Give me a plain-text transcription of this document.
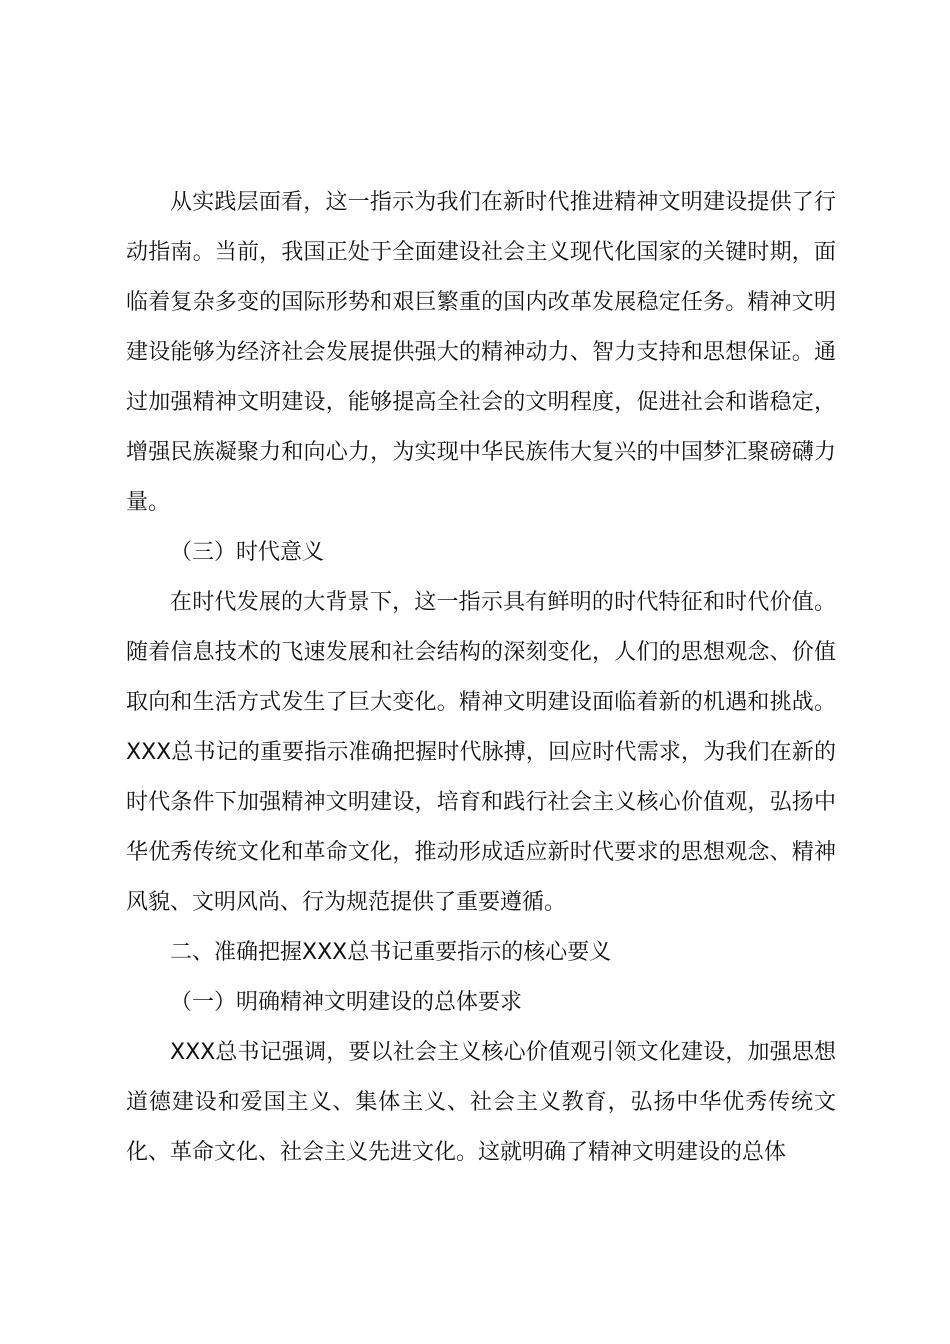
从实践层面看，这一指示为我们在新时代推进精神文明建设提供了行动指南。当前，我国正处于全面建设社会主义现代化国家的关键时期，面临着复杂多变的国际形势和艰巨繁重的国内改革发展稳定任务。精神文明建设能够为经济社会发展提供强大的精神动力、智力支持和思想保证。通过加强精神文明建设，能够提高全社会的文明程度，促进社会和谐稳定，增强民族凝聚力和向心力，为实现中华民族伟大复兴的中国梦汇聚磅礴力量。

（三）时代意义

在时代发展的大背景下，这一指示具有鲜明的时代特征和时代价值。随着信息技术的飞速发展和社会结构的深刻变化，人们的思想观念、价值取向和生活方式发生了巨大变化。精神文明建设面临着新的机遇和挑战。XXX总书记的重要指示准确把握时代脉搏，回应时代需求，为我们在新的时代条件下加强精神文明建设，培育和践行社会主义核心价值观，弘扬中华优秀传统文化和革命文化，推动形成适应新时代要求的思想观念、精神风貌、文明风尚、行为规范提供了重要遵循。

二、准确把握XXX总书记重要指示的核心要义

（一）明确精神文明建设的总体要求

XXX总书记强调，要以社会主义核心价值观引领文化建设，加强思想道德建设和爱国主义、集体主义、社会主义教育，弘扬中华优秀传统文化、革命文化、社会主义先进文化。这就明确了精神文明建设的总体
